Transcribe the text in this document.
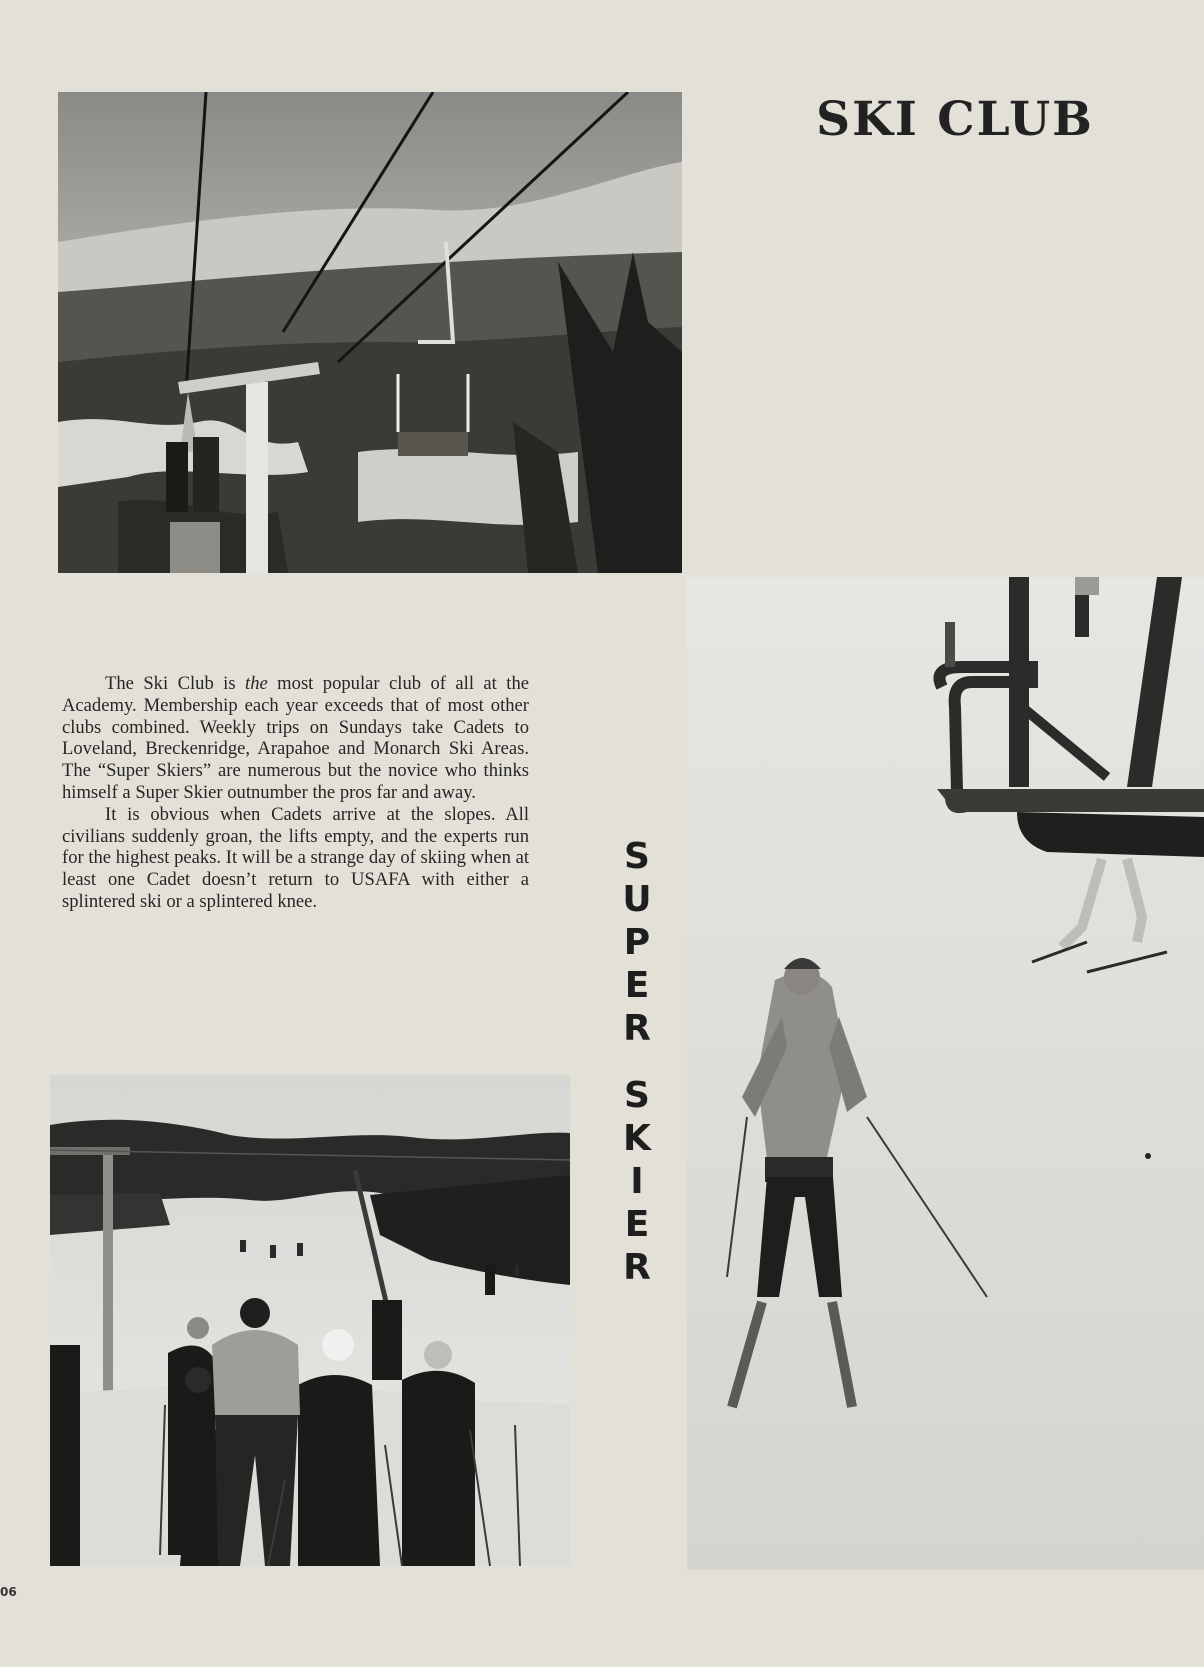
SKI CLUB

The Ski Club is the most popular club of all at the Academy. Membership each year exceeds that of most other clubs combined. Weekly trips on Sundays take Cadets to Loveland, Breckenridge, Arapahoe and Monarch Ski Areas. The “Super Skiers” are numerous but the novice who thinks himself a Super Skier outnumber the pros far and away.

It is obvious when Cadets arrive at the slopes. All civilians suddenly groan, the lifts empty, and the experts run for the highest peaks. It will be a strange day of skiing when at least one Cadet doesn’t return to USAFA with either a splintered ski or a splintered knee.

S
U
P
E
R
S
K
I
E
R
06
